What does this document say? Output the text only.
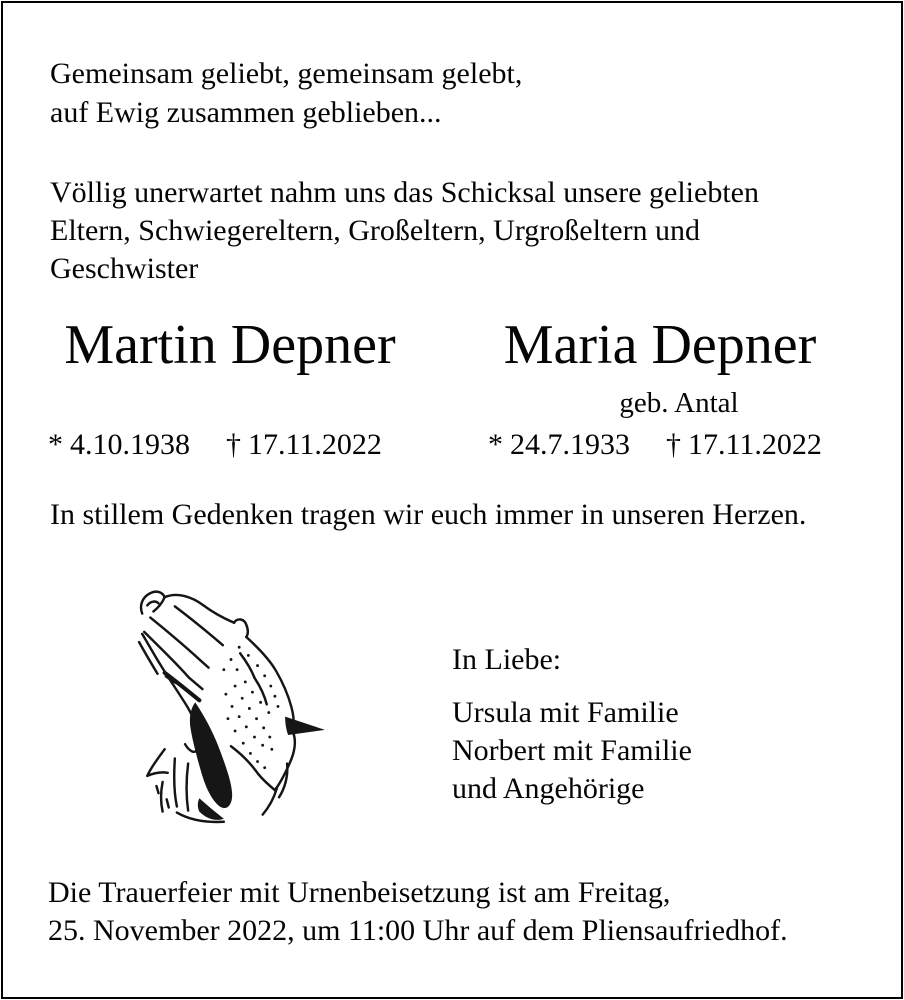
Gemeinsam geliebt, gemeinsam gelebt,
auf Ewig zusammen geblieben...
Völlig unerwartet nahm uns das Schicksal unsere geliebten
Eltern, Schwiegereltern, Großeltern, Urgroßeltern und
Geschwister
Martin Depner	Maria Depner
geb. Antal
* 4.10.1938 † 17.11.2022	* 24.7.1933 † 17.11.2022
In stillem Gedenken tragen wir euch immer in unseren Herzen.
In Liebe:
Ursula mit Familie
Norbert mit Familie
und Angehörige
Die Trauerfeier mit Urnenbeisetzung ist am Freitag,
25. November 2022, um 11:00 Uhr auf dem Pliensaufriedhof.
